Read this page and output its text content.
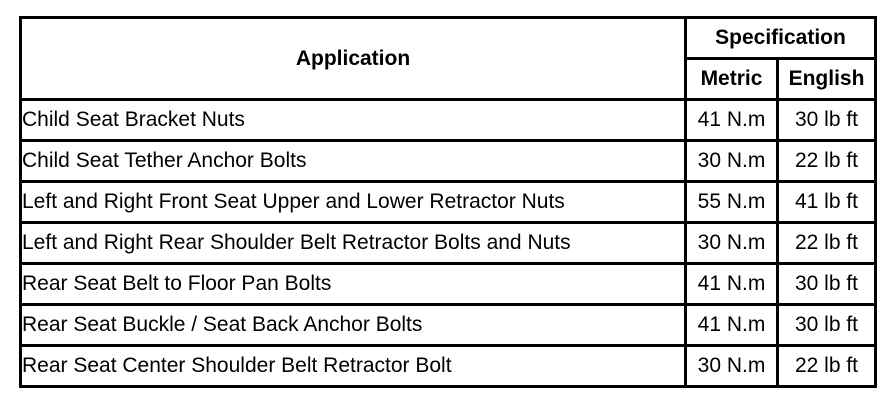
Application	Specification	
	Metric	English
Child Seat Bracket Nuts	41 N.m	30 lb ft
Child Seat Tether Anchor Bolts	30 N.m	22 lb ft
Left and Right Front Seat Upper and Lower Retractor Nuts	55 N.m	41 lb ft
Left and Right Rear Shoulder Belt Retractor Bolts and Nuts	30 N.m	22 lb ft
Rear Seat Belt to Floor Pan Bolts	41 N.m	30 lb ft
Rear Seat Buckle / Seat Back Anchor Bolts	41 N.m	30 lb ft
Rear Seat Center Shoulder Belt Retractor Bolt	30 N.m	22 lb ft
